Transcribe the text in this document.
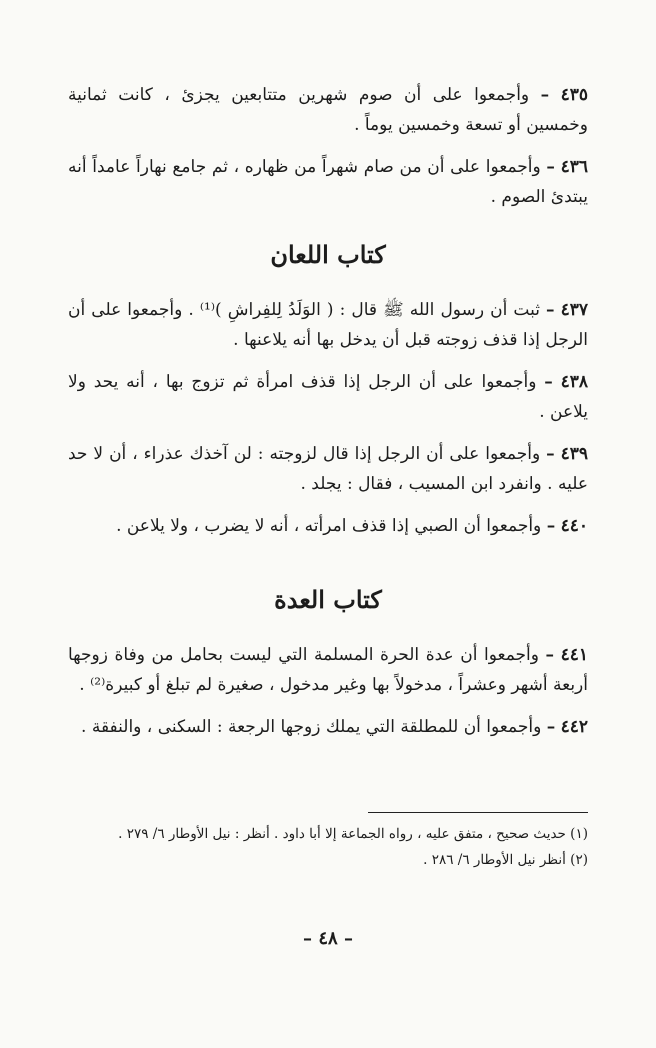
٤٣٥ – وأجمعوا على أن صوم شهرين متتابعين يجزئ ، كانت ثمانية وخمسين أو تسعة وخمسين يوماً .

٤٣٦ – وأجمعوا على أن من صام شهراً من ظهاره ، ثم جامع نهاراً عامداً أنه يبتدئ الصوم .

كتاب اللعان

٤٣٧ – ثبت أن رسول الله ﷺ قال : ( الوَلَدُ لِلفِراشِ )⁽¹⁾ . وأجمعوا على أن الرجل إذا قذف زوجته قبل أن يدخل بها أنه يلاعنها .

٤٣٨ – وأجمعوا على أن الرجل إذا قذف امرأة ثم تزوج بها ، أنه يحد ولا يلاعن .

٤٣٩ – وأجمعوا على أن الرجل إذا قال لزوجته : لن آخذك عذراء ، أن لا حد عليه . وانفرد ابن المسيب ، فقال : يجلد .

٤٤٠ – وأجمعوا أن الصبي إذا قذف امرأته ، أنه لا يضرب ، ولا يلاعن .

كتاب العدة

٤٤١ – وأجمعوا أن عدة الحرة المسلمة التي ليست بحامل من وفاة زوجها أربعة أشهر وعشراً ، مدخولاً بها وغير مدخول ، صغيرة لم تبلغ أو كبيرة⁽²⁾ .

٤٤٢ – وأجمعوا أن للمطلقة التي يملك زوجها الرجعة : السكنى ، والنفقة .

(١) حديث صحيح ، متفق عليه ، رواه الجماعة إلا أبا داود . أنظر : نيل الأوطار ٦/ ٢٧٩ .
(٢) أنظر نيل الأوطار ٦/ ٢٨٦ .
– ٤٨ –
